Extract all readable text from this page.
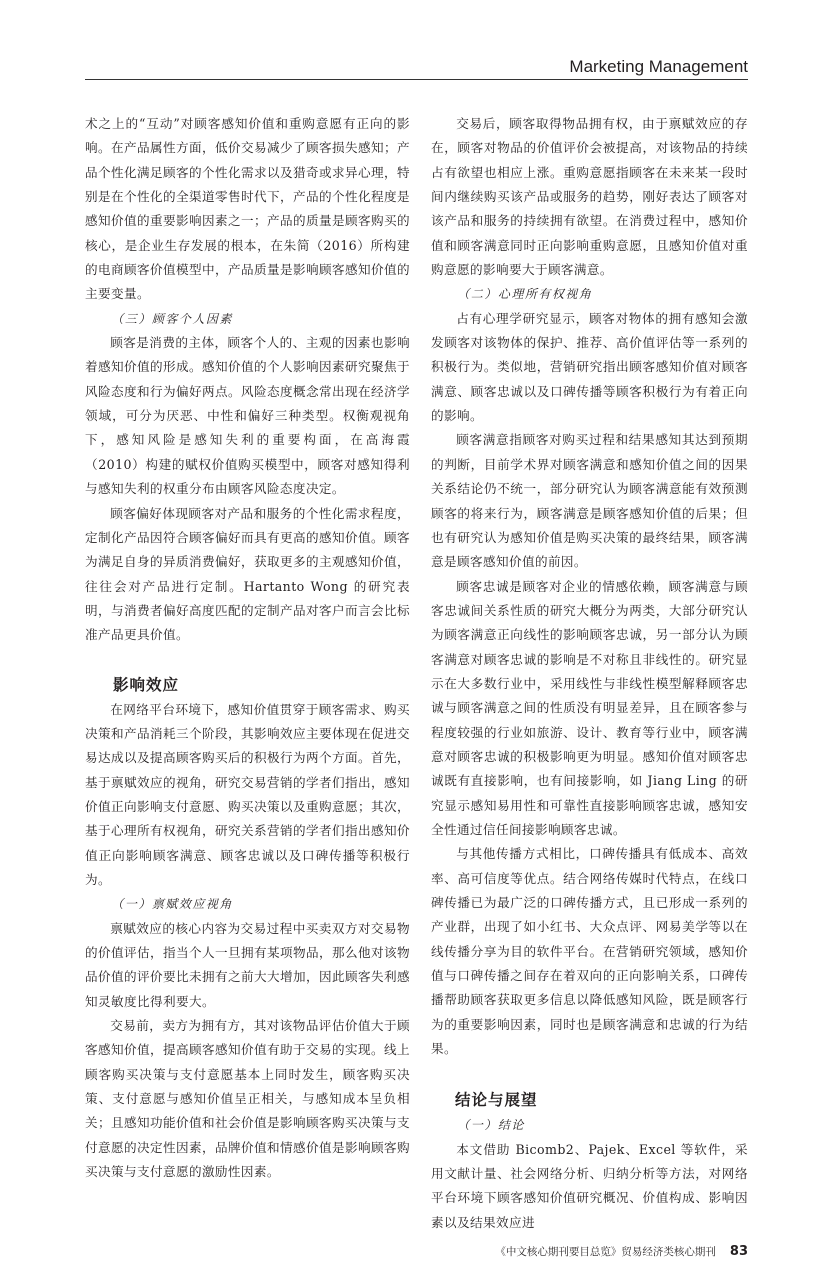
Marketing Management

术之上的“互动”对顾客感知价值和重购意愿有正向的影响。在产品属性方面，低价交易减少了顾客损失感知；产品个性化满足顾客的个性化需求以及猎奇或求异心理，特别是在个性化的全渠道零售时代下，产品的个性化程度是感知价值的重要影响因素之一；产品的质量是顾客购买的核心，是企业生存发展的根本，在朱简（2016）所构建的电商顾客价值模型中，产品质量是影响顾客感知价值的主要变量。

（三）顾客个人因素

顾客是消费的主体，顾客个人的、主观的因素也影响着感知价值的形成。感知价值的个人影响因素研究聚焦于风险态度和行为偏好两点。风险态度概念常出现在经济学领域，可分为厌恶、中性和偏好三种类型。权衡观视角下，感知风险是感知失利的重要构面，在高海霞（2010）构建的赋权价值购买模型中，顾客对感知得利与感知失利的权重分布由顾客风险态度决定。

顾客偏好体现顾客对产品和服务的个性化需求程度，定制化产品因符合顾客偏好而具有更高的感知价值。顾客为满足自身的异质消费偏好，获取更多的主观感知价值，往往会对产品进行定制。Hartanto Wong 的研究表明，与消费者偏好高度匹配的定制产品对客户而言会比标准产品更具价值。

影响效应

在网络平台环境下，感知价值贯穿于顾客需求、购买决策和产品消耗三个阶段，其影响效应主要体现在促进交易达成以及提高顾客购买后的积极行为两个方面。首先，基于禀赋效应的视角，研究交易营销的学者们指出，感知价值正向影响支付意愿、购买决策以及重购意愿；其次，基于心理所有权视角，研究关系营销的学者们指出感知价值正向影响顾客满意、顾客忠诚以及口碑传播等积极行为。

（一）禀赋效应视角

禀赋效应的核心内容为交易过程中买卖双方对交易物的价值评估，指当个人一旦拥有某项物品，那么他对该物品价值的评价要比未拥有之前大大增加，因此顾客失利感知灵敏度比得利要大。

交易前，卖方为拥有方，其对该物品评估价值大于顾客感知价值，提高顾客感知价值有助于交易的实现。线上顾客购买决策与支付意愿基本上同时发生，顾客购买决策、支付意愿与感知价值呈正相关，与感知成本呈负相关；且感知功能价值和社会价值是影响顾客购买决策与支付意愿的决定性因素，品牌价值和情感价值是影响顾客购买决策与支付意愿的激励性因素。

交易后，顾客取得物品拥有权，由于禀赋效应的存在，顾客对物品的价值评价会被提高，对该物品的持续占有欲望也相应上涨。重购意愿指顾客在未来某一段时间内继续购买该产品或服务的趋势，刚好表达了顾客对该产品和服务的持续拥有欲望。在消费过程中，感知价值和顾客满意同时正向影响重购意愿，且感知价值对重购意愿的影响要大于顾客满意。

（二）心理所有权视角

占有心理学研究显示，顾客对物体的拥有感知会激发顾客对该物体的保护、推荐、高价值评估等一系列的积极行为。类似地，营销研究指出顾客感知价值对顾客满意、顾客忠诚以及口碑传播等顾客积极行为有着正向的影响。

顾客满意指顾客对购买过程和结果感知其达到预期的判断，目前学术界对顾客满意和感知价值之间的因果关系结论仍不统一，部分研究认为顾客满意能有效预测顾客的将来行为，顾客满意是顾客感知价值的后果；但也有研究认为感知价值是购买决策的最终结果，顾客满意是顾客感知价值的前因。

顾客忠诚是顾客对企业的情感依赖，顾客满意与顾客忠诚间关系性质的研究大概分为两类，大部分研究认为顾客满意正向线性的影响顾客忠诚，另一部分认为顾客满意对顾客忠诚的影响是不对称且非线性的。研究显示在大多数行业中，采用线性与非线性模型解释顾客忠诚与顾客满意之间的性质没有明显差异，且在顾客参与程度较强的行业如旅游、设计、教育等行业中，顾客满意对顾客忠诚的积极影响更为明显。感知价值对顾客忠诚既有直接影响，也有间接影响，如 Jiang Ling 的研究显示感知易用性和可靠性直接影响顾客忠诚，感知安全性通过信任间接影响顾客忠诚。

与其他传播方式相比，口碑传播具有低成本、高效率、高可信度等优点。结合网络传媒时代特点，在线口碑传播已为最广泛的口碑传播方式，且已形成一系列的产业群，出现了如小红书、大众点评、网易美学等以在线传播分享为目的软件平台。在营销研究领域，感知价值与口碑传播之间存在着双向的正向影响关系，口碑传播帮助顾客获取更多信息以降低感知风险，既是顾客行为的重要影响因素，同时也是顾客满意和忠诚的行为结果。

结论与展望
（一）结论

本文借助 Bicomb2、Pajek、Excel 等软件，采用文献计量、社会网络分析、归纳分析等方法，对网络平台环境下顾客感知价值研究概况、价值构成、影响因素以及结果效应进

《中文核心期刊要目总览》贸易经济类核心期刊 83
